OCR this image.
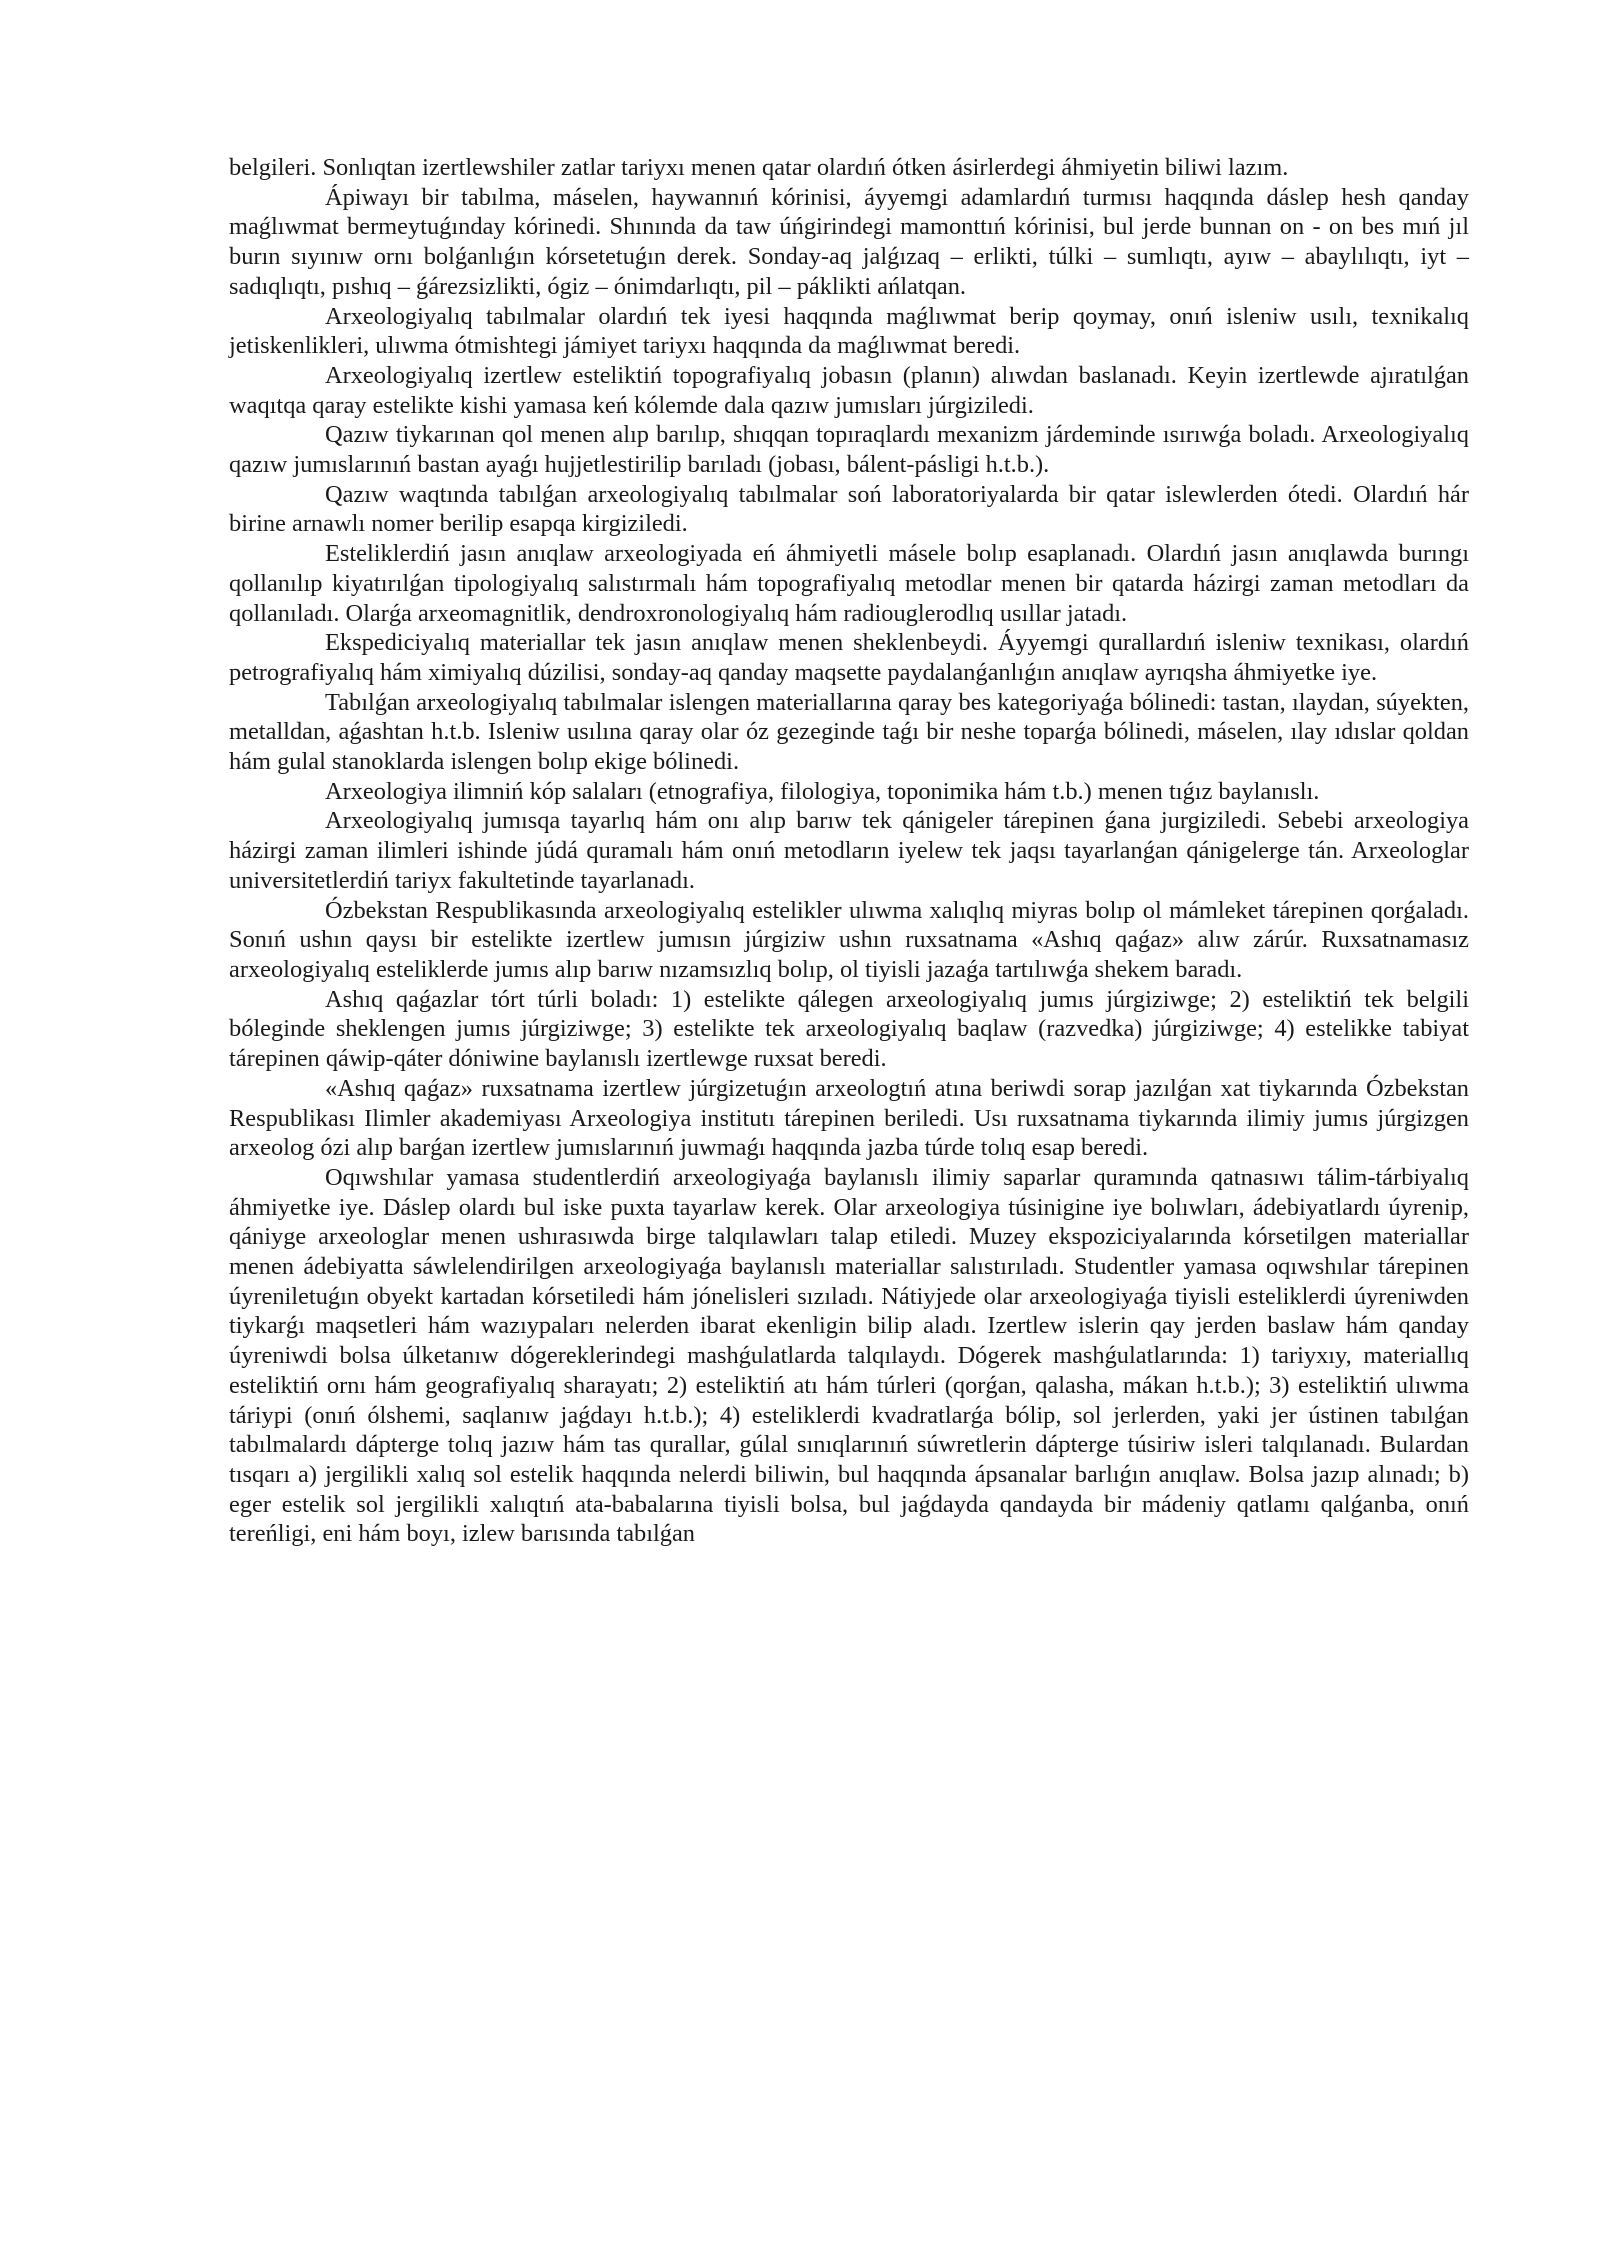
belgileri. Sonlıqtan izertlewshiler zatlar tariyxı menen qatar olardıń ótken ásirlerdegi áhmiyetin biliwi lazım.

Ápiwayı bir tabılma, máselen, haywannıń kórinisi, áyyemgi adamlardıń turmısı haqqında dáslep hesh qanday maǵlıwmat bermeytuǵınday kórinedi. Shınında da taw úńgirindegi mamonttıń kórinisi, bul jerde bunnan on - on bes mıń jıl burın sıyınıw ornı bolǵanlıǵın kórsetetuǵın derek. Sonday-aq jalǵızaq – erlikti, túlki – sumlıqtı, ayıw – abaylılıqtı, iyt – sadıqlıqtı, pıshıq – ǵárezsizlikti, ógiz – ónimdarlıqtı, pil – páklikti ańlatqan.

Arxeologiyalıq tabılmalar olardıń tek iyesi haqqında maǵlıwmat berip qoymay, onıń isleniw usılı, texnikalıq jetiskenlikleri, ulıwma ótmishtegi jámiyet tariyxı haqqında da maǵlıwmat beredi.

Arxeologiyalıq izertlew esteliktiń topografiyalıq jobasın (planın) alıwdan baslanadı. Keyin izertlewde ajıratılǵan waqıtqa qaray estelikte kishi yamasa keń kólemde dala qazıw jumısları júrgiziledi.

Qazıw tiykarınan qol menen alıp barılıp, shıqqan topıraqlardı mexanizm járdeminde ısırıwǵa boladı. Arxeologiyalıq qazıw jumıslarınıń bastan ayaǵı hujjetlestirilip barıladı (jobası, bálent-pásligi h.t.b.).

Qazıw waqtında tabılǵan arxeologiyalıq tabılmalar soń laboratoriyalarda bir qatar islewlerden ótedi. Olardıń hár birine arnawlı nomer berilip esapqa kirgiziledi.

Esteliklerdiń jasın anıqlaw arxeologiyada eń áhmiyetli másele bolıp esaplanadı. Olardıń jasın anıqlawda burıngı qollanılıp kiyatırılǵan tipologiyalıq salıstırmalı hám topografiyalıq metodlar menen bir qatarda házirgi zaman metodları da qollanıladı. Olarǵa arxeomagnitlik, dendroxronologiyalıq hám radiouglerodlıq usıllar jatadı.

Ekspediciyalıq materiallar tek jasın anıqlaw menen sheklenbeydi. Áyyemgi qurallardıń isleniw texnikası, olardıń petrografiyalıq hám ximiyalıq dúzilisi, sonday-aq qanday maqsette paydalanǵanlıǵın anıqlaw ayrıqsha áhmiyetke iye.

Tabılǵan arxeologiyalıq tabılmalar islengen materiallarına qaray bes kategoriyaǵa bólinedi: tastan, ılaydan, súyekten, metalldan, aǵashtan h.t.b. Isleniw usılına qaray olar óz gezeginde taǵı bir neshe toparǵa bólinedi, máselen, ılay ıdıslar qoldan hám gulal stanoklarda islengen bolıp ekige bólinedi.

Arxeologiya ilimniń kóp salaları (etnografiya, filologiya, toponimika hám t.b.) menen tıǵız baylanıslı.

Arxeologiyalıq jumısqa tayarlıq hám onı alıp barıw tek qánigeler tárepinen ǵana jurgiziledi. Sebebi arxeologiya házirgi zaman ilimleri ishinde júdá quramalı hám onıń metodların iyelew tek jaqsı tayarlanǵan qánigelerge tán. Arxeologlar universitetlerdiń tariyx fakultetinde tayarlanadı.

Ózbekstan Respublikasında arxeologiyalıq estelikler ulıwma xalıqlıq miyras bolıp ol mámleket tárepinen qorǵaladı. Sonıń ushın qaysı bir estelikte izertlew jumısın júrgiziw ushın ruxsatnama «Ashıq qaǵaz» alıw zárúr. Ruxsatnamasız arxeologiyalıq esteliklerde jumıs alıp barıw nızamsızlıq bolıp, ol tiyisli jazaǵa tartılıwǵa shekem baradı.

Ashıq qaǵazlar tórt túrli boladı: 1) estelikte qálegen arxeologiyalıq jumıs júrgiziwge; 2) esteliktiń tek belgili bóleginde sheklengen jumıs júrgiziwge; 3) estelikte tek arxeologiyalıq baqlaw (razvedka) júrgiziwge; 4) estelikke tabiyat tárepinen qáwip-qáter dóniwine baylanıslı izertlewge ruxsat beredi.

«Ashıq qaǵaz» ruxsatnama izertlew júrgizetuǵın arxeologtıń atına beriwdi sorap jazılǵan xat tiykarında Ózbekstan Respublikası Ilimler akademiyası Arxeologiya institutı tárepinen beriledi. Usı ruxsatnama tiykarında ilimiy jumıs júrgizgen arxeolog ózi alıp barǵan izertlew jumıslarınıń juwmaǵı haqqında jazba túrde tolıq esap beredi.

Oqıwshılar yamasa studentlerdiń arxeologiyaǵa baylanıslı ilimiy saparlar quramında qatnasıwı tálim-tárbiyalıq áhmiyetke iye. Dáslep olardı bul iske puxta tayarlaw kerek. Olar arxeologiya túsinigine iye bolıwları, ádebiyatlardı úyrenip, qániyge arxeologlar menen ushırasıwda birge talqılawları talap etiledi. Muzey ekspoziciyalarında kórsetilgen materiallar menen ádebiyatta sáwlelendirilgen arxeologiyaǵa baylanıslı materiallar salıstırıladı. Studentler yamasa oqıwshılar tárepinen úyreniletuǵın obyekt kartadan kórsetiledi hám jónelisleri sızıladı. Nátiyjede olar arxeologiyaǵa tiyisli esteliklerdi úyreniwden tiykarǵı maqsetleri hám wazıypaları nelerden ibarat ekenligin bilip aladı. Izertlew islerin qay jerden baslaw hám qanday úyreniwdi bolsa úlketanıw dógereklerindegi mashǵulatlarda talqılaydı. Dógerek mashǵulatlarında: 1) tariyxıy, materiallıq esteliktiń ornı hám geografiyalıq sharayatı; 2) esteliktiń atı hám túrleri (qorǵan, qalasha, mákan h.t.b.); 3) esteliktiń ulıwma táriypi (onıń ólshemi, saqlanıw jaǵdayı h.t.b.); 4) esteliklerdi kvadratlarǵa bólip, sol jerlerden, yaki jer ústinen tabılǵan tabılmalardı dápterge tolıq jazıw hám tas qurallar, gúlal sınıqlarınıń súwretlerin dápterge túsiriw isleri talqılanadı. Bulardan tısqarı a) jergilikli xalıq sol estelik haqqında nelerdi biliwin, bul haqqında ápsanalar barlıǵın anıqlaw. Bolsa jazıp alınadı; b) eger estelik sol jergilikli xalıqtıń ata-babalarına tiyisli bolsa, bul jaǵdayda qandayda bir mádeniy qatlamı qalǵanba, onıń tereńligi, eni hám boyı, izlew barısında tabılǵan
